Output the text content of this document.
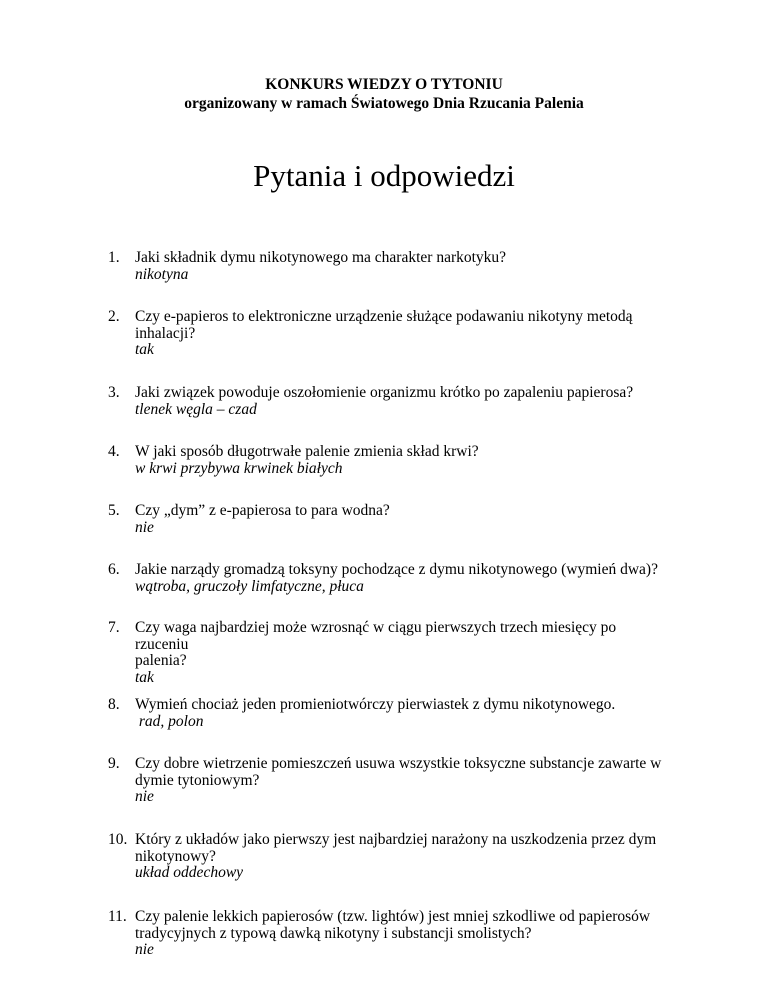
KONKURS WIEDZY O TYTONIU
organizowany w ramach Światowego Dnia Rzucania Palenia
Pytania i odpowiedzi
1. Jaki składnik dymu nikotynowego ma charakter narkotyku?
nikotyna
2. Czy e-papieros to elektroniczne urządzenie służące podawaniu nikotyny metodą
inhalacji?
tak
3. Jaki związek powoduje oszołomienie organizmu krótko po zapaleniu papierosa?
tlenek węgla – czad
4. W jaki sposób długotrwałe palenie zmienia skład krwi?
w krwi przybywa krwinek białych
5. Czy „dym” z e-papierosa to para wodna?
nie
6. Jakie narządy gromadzą toksyny pochodzące z dymu nikotynowego (wymień dwa)?
wątroba, gruczoły limfatyczne, płuca
7. Czy waga najbardziej może wzrosnąć w ciągu pierwszych trzech miesięcy po rzuceniu
palenia?
tak
8. Wymień chociaż jeden promieniotwórczy pierwiastek z dymu nikotynowego.
rad, polon
9. Czy dobre wietrzenie pomieszczeń usuwa wszystkie toksyczne substancje zawarte w
dymie tytoniowym?
nie
10. Który z układów jako pierwszy jest najbardziej narażony na uszkodzenia przez dym
nikotynowy?
układ oddechowy
11. Czy palenie lekkich papierosów (tzw. lightów) jest mniej szkodliwe od papierosów
tradycyjnych z typową dawką nikotyny i substancji smolistych?
nie
